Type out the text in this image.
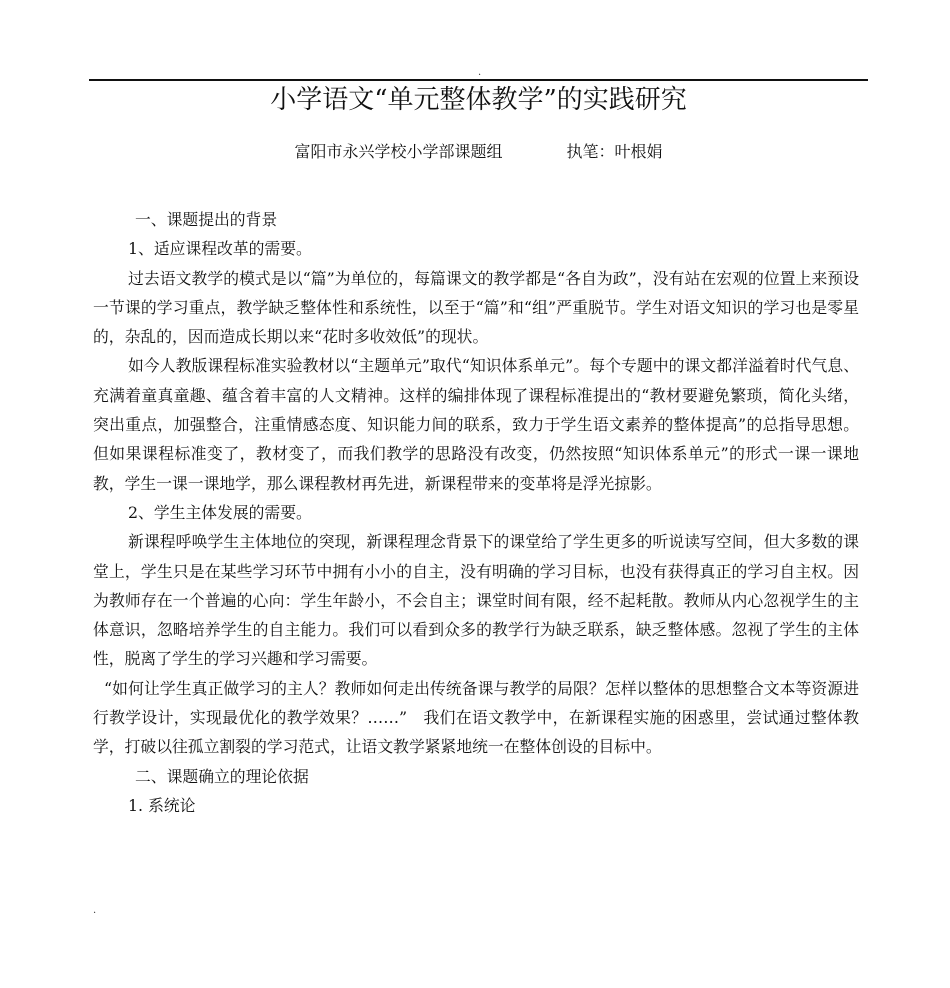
.
小学语文“单元整体教学”的实践研究
富阳市永兴学校小学部课题组	执笔：叶根娟

一、课题提出的背景

1、适应课程改革的需要。

过去语文教学的模式是以“篇”为单位的，每篇课文的教学都是“各自为政”，没有站在宏观的位置上来预设一节课的学习重点，教学缺乏整体性和系统性，以至于“篇”和“组”严重脱节。学生对语文知识的学习也是零星的，杂乱的，因而造成长期以来“花时多收效低”的现状。

如今人教版课程标准实验教材以“主题单元”取代“知识体系单元”。每个专题中的课文都洋溢着时代气息、充满着童真童趣、蕴含着丰富的人文精神。这样的编排体现了课程标准提出的“教材要避免繁琐，简化头绪，突出重点，加强整合，注重情感态度、知识能力间的联系，致力于学生语文素养的整体提高”的总指导思想。但如果课程标准变了，教材变了，而我们教学的思路没有改变，仍然按照“知识体系单元”的形式一课一课地教，学生一课一课地学，那么课程教材再先进，新课程带来的变革将是浮光掠影。

2、学生主体发展的需要。

新课程呼唤学生主体地位的突现，新课程理念背景下的课堂给了学生更多的听说读写空间，但大多数的课堂上，学生只是在某些学习环节中拥有小小的自主，没有明确的学习目标，也没有获得真正的学习自主权。因为教师存在一个普遍的心向：学生年龄小，不会自主；课堂时间有限，经不起耗散。教师从内心忽视学生的主体意识，忽略培养学生的自主能力。我们可以看到众多的教学行为缺乏联系，缺乏整体感。忽视了学生的主体性，脱离了学生的学习兴趣和学习需要。

“如何让学生真正做学习的主人？教师如何走出传统备课与教学的局限？怎样以整体的思想整合文本等资源进行教学设计，实现最优化的教学效果？……”　我们在语文教学中，在新课程实施的困惑里，尝试通过整体教学，打破以往孤立割裂的学习范式，让语文教学紧紧地统一在整体创设的目标中。

二、课题确立的理论依据

1. 系统论

.
